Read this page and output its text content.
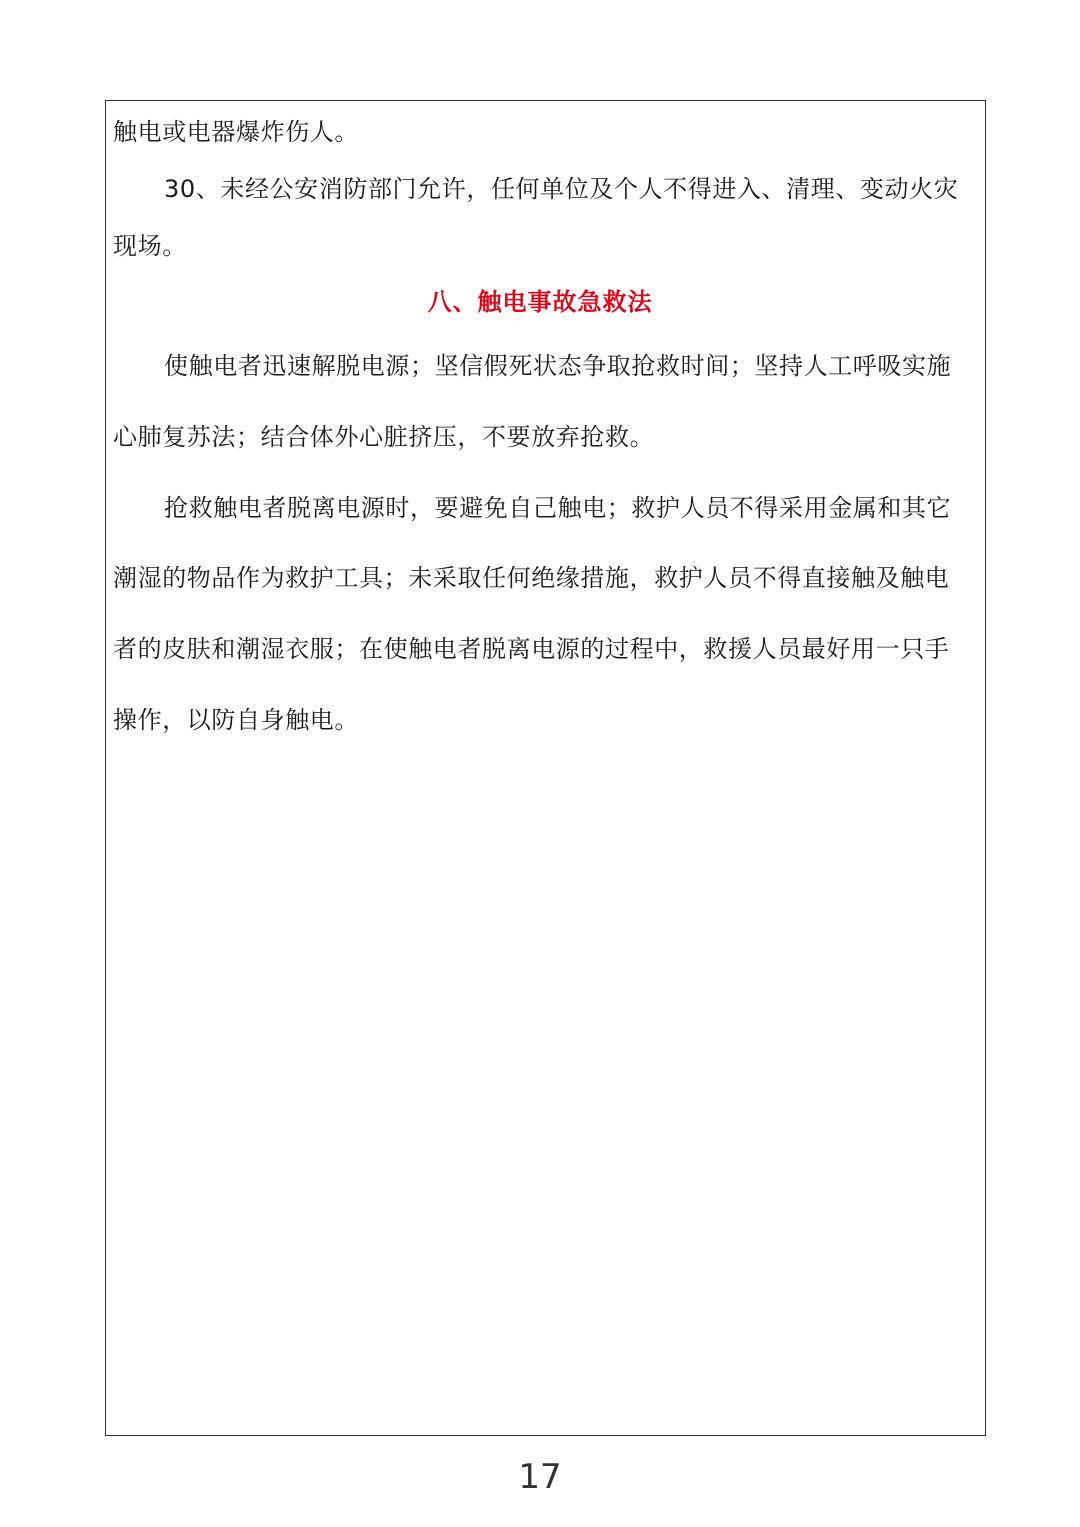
触电或电器爆炸伤人。
30、未经公安消防部门允许，任何单位及个人不得进入、清理、变动火灾
现场。
八、触电事故急救法
使触电者迅速解脱电源；坚信假死状态争取抢救时间；坚持人工呼吸实施
心肺复苏法；结合体外心脏挤压，不要放弃抢救。
抢救触电者脱离电源时，要避免自己触电；救护人员不得采用金属和其它
潮湿的物品作为救护工具；未采取任何绝缘措施，救护人员不得直接触及触电
者的皮肤和潮湿衣服；在使触电者脱离电源的过程中，救援人员最好用一只手
操作，以防自身触电。
17
